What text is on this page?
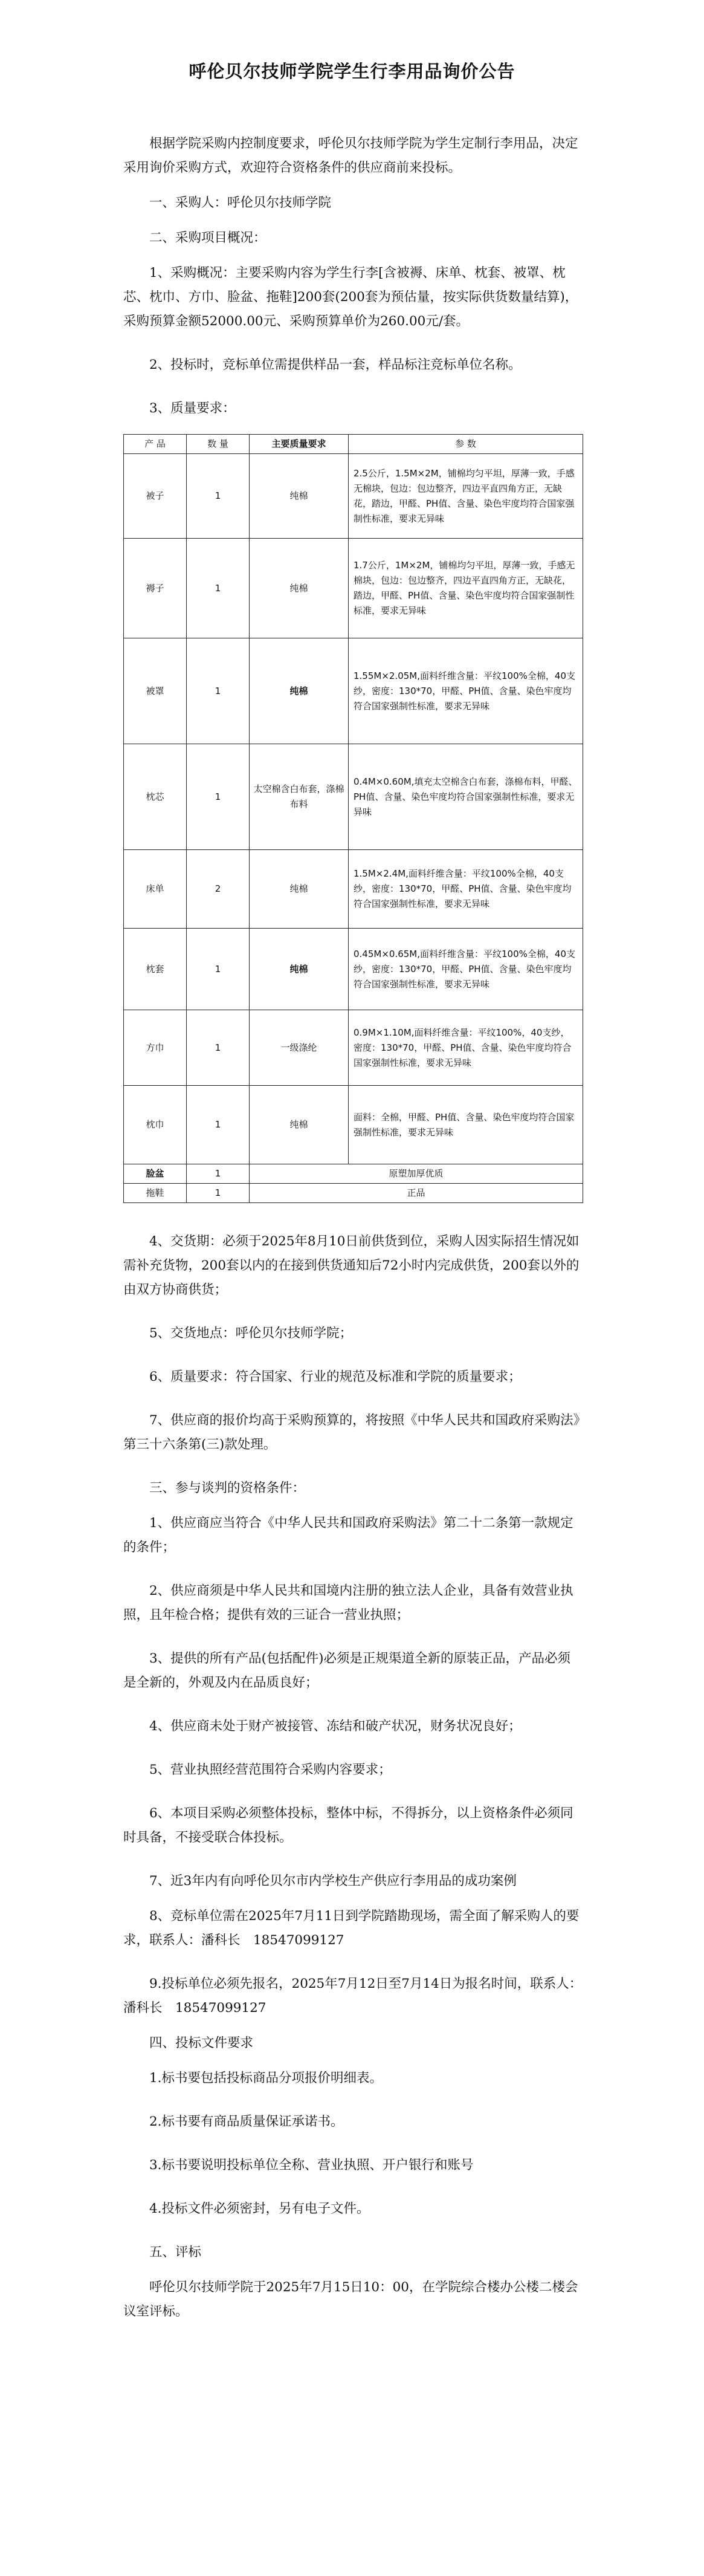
呼伦贝尔技师学院学生行李用品询价公告

根据学院采购内控制度要求，呼伦贝尔技师学院为学生定制行李用品，决定采用询价采购方式，欢迎符合资格条件的供应商前来投标。

一、采购人：呼伦贝尔技师学院

二、采购项目概况：

1、采购概况：主要采购内容为学生行李[含被褥、床单、枕套、被罩、枕芯、枕巾、方巾、脸盆、拖鞋]200套(200套为预估量，按实际供货数量结算)，采购预算金额52000.00元、采购预算单价为260.00元/套。

2、投标时，竞标单位需提供样品一套，样品标注竞标单位名称。

3、质量要求：

产 品	数 量	主要质量要求	参 数
被子	1	纯棉	2.5公斤，1.5M×2M，铺棉均匀平坦，厚薄一致，手感无棉块，包边：包边整齐，四边平直四角方正，无缺花，踏边，甲醛、PH值、含量、染色牢度均符合国家强制性标准，要求无异味
褥子	1	纯棉	1.7公斤，1M×2M，铺棉均匀平坦，厚薄一致，手感无棉块，包边：包边整齐，四边平直四角方正，无缺花，踏边，甲醛、PH值、含量、染色牢度均符合国家强制性标准，要求无异味
被罩	1	纯棉	1.55M×2.05M,面料纤维含量：平纹100%全棉，40支纱，密度：130*70，甲醛、PH值、含量、染色牢度均符合国家强制性标准，要求无异味
枕芯	1	太空棉含白布套，涤棉布料	0.4M×0.60M,填充太空棉含白布套，涤棉布料，甲醛、PH值、含量、染色牢度均符合国家强制性标准，要求无异味
床单	2	纯棉	1.5M×2.4M,面料纤维含量：平纹100%全棉，40支纱，密度：130*70，甲醛、PH值、含量、染色牢度均符合国家强制性标准，要求无异味
枕套	1	纯棉	0.45M×0.65M,面料纤维含量：平纹100%全棉，40支纱，密度：130*70，甲醛、PH值、含量、染色牢度均符合国家强制性标准，要求无异味
方巾	1	一级涤纶	0.9M×1.10M,面料纤维含量：平纹100%，40支纱，密度：130*70，甲醛、PH值、含量、染色牢度均符合国家强制性标准，要求无异味
枕巾	1	纯棉	面料：全棉，甲醛、PH值、含量、染色牢度均符合国家强制性标准，要求无异味
脸盆	1	原塑加厚优质	
拖鞋	1	正品	

4、交货期：必须于2025年8月10日前供货到位，采购人因实际招生情况如需补充货物，200套以内的在接到供货通知后72小时内完成供货，200套以外的由双方协商供货；

5、交货地点：呼伦贝尔技师学院；

6、质量要求：符合国家、行业的规范及标准和学院的质量要求；

7、供应商的报价均高于采购预算的，将按照《中华人民共和国政府采购法》第三十六条第(三)款处理。

三、参与谈判的资格条件：

1、供应商应当符合《中华人民共和国政府采购法》第二十二条第一款规定的条件；

2、供应商须是中华人民共和国境内注册的独立法人企业，具备有效营业执照，且年检合格；提供有效的三证合一营业执照；

3、提供的所有产品(包括配件)必须是正规渠道全新的原装正品，产品必须是全新的，外观及内在品质良好；

4、供应商未处于财产被接管、冻结和破产状况，财务状况良好；

5、营业执照经营范围符合采购内容要求；

6、本项目采购必须整体投标，整体中标，不得拆分，以上资格条件必须同时具备，不接受联合体投标。

7、近3年内有向呼伦贝尔市内学校生产供应行李用品的成功案例

8、竞标单位需在2025年7月11日到学院踏勘现场，需全面了解采购人的要求，联系人：潘科长　18547099127

9.投标单位必须先报名，2025年7月12日至7月14日为报名时间，联系人：潘科长　18547099127

四、投标文件要求

1.标书要包括投标商品分项报价明细表。

2.标书要有商品质量保证承诺书。

3.标书要说明投标单位全称、营业执照、开户银行和账号

4.投标文件必须密封，另有电子文件。

五、评标

呼伦贝尔技师学院于2025年7月15日10：00，在学院综合楼办公楼二楼会议室评标。
